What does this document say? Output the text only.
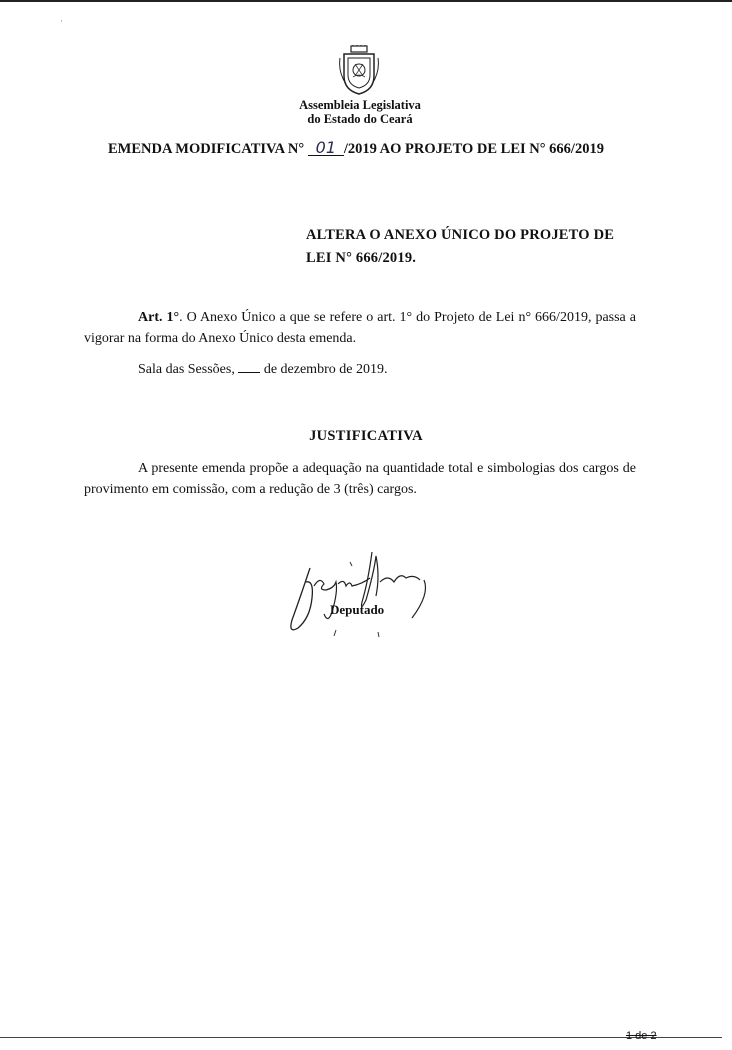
·
Assembleia Legislativa
do Estado do Ceará
EMENDA MODIFICATIVA N° 01 /2019 AO PROJETO DE LEI N° 666/2019
ALTERA O ANEXO ÚNICO DO PROJETO DE LEI N° 666/2019.
Art. 1°. O Anexo Único a que se refere o art. 1° do Projeto de Lei n° 666/2019, passa a vigorar na forma do Anexo Único desta emenda.
Sala das Sessões, de dezembro de 2019.
JUSTIFICATIVA
A presente emenda propõe a adequação na quantidade total e simbologias dos cargos de provimento em comissão, com a redução de 3 (três) cargos.
Deputado
1 de 2
